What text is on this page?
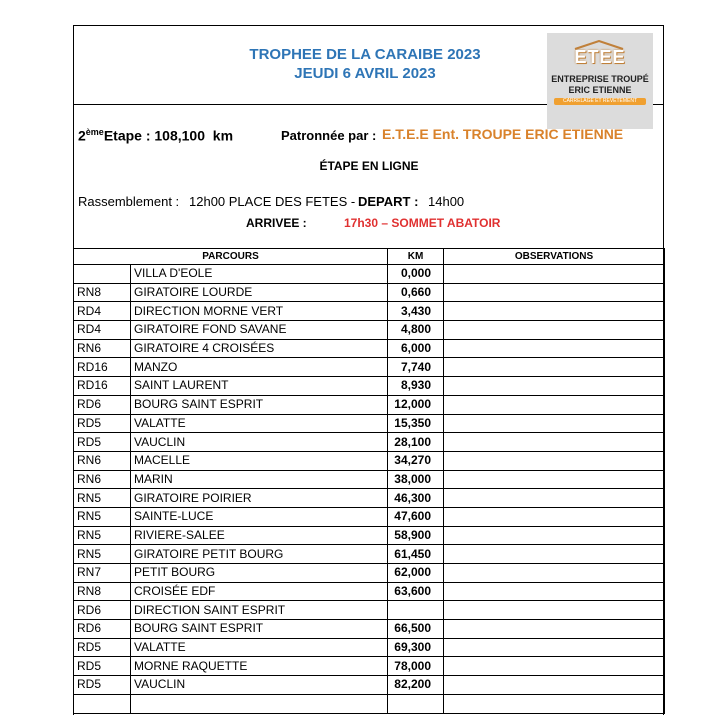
TROPHEE DE LA CARAIBE 2023
JEUDI 6 AVRIL 2023
ETEE
ENTREPRISE TROUPÉ
ERIC ETIENNE
CARRELAGE ET REVETEMENT
2èmeEtape : 108,100 km	Patronnée par : E.T.E.E Ent. TROUPE ERIC ETIENNE
ÉTAPE EN LIGNE
Rassemblement : 12h00 PLACE DES FETES - DEPART : 14h00
ARRIVEE :	17h30 – SOMMET ABATOIR
PARCOURS		KM	OBSERVATIONS
	VILLA D'EOLE	0,000	
RN8	GIRATOIRE LOURDE	0,660	
RD4	DIRECTION MORNE VERT	3,430	
RD4	GIRATOIRE FOND SAVANE	4,800	
RN6	GIRATOIRE 4 CROISÉES	6,000	
RD16	MANZO	7,740	
RD16	SAINT LAURENT	8,930	
RD6	BOURG SAINT ESPRIT	12,000	
RD5	VALATTE	15,350	
RD5	VAUCLIN	28,100	
RN6	MACELLE	34,270	
RN6	MARIN	38,000	
RN5	GIRATOIRE POIRIER	46,300	
RN5	SAINTE-LUCE	47,600	
RN5	RIVIERE-SALEE	58,900	
RN5	GIRATOIRE PETIT BOURG	61,450	
RN7	PETIT BOURG	62,000	
RN8	CROISÉE EDF	63,600	
RD6	DIRECTION SAINT ESPRIT		
RD6	BOURG SAINT ESPRIT	66,500	
RD5	VALATTE	69,300	
RD5	MORNE RAQUETTE	78,000	
RD5	VAUCLIN	82,200	
